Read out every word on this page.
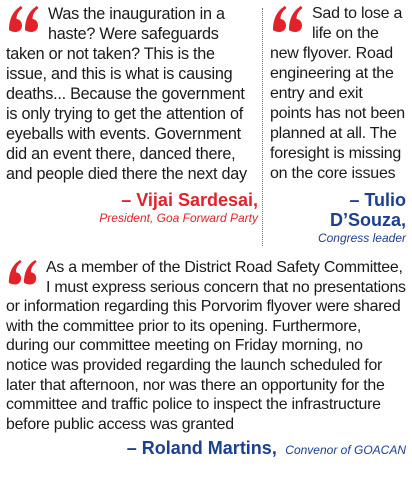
Was the inauguration in a haste? Were safeguards taken or not taken? This is the issue, and this is what is causing deaths... Because the government is only trying to get the attention of eyeballs with events. Government did an event there, danced there, and people died there the next day

– Vijai Sardesai,
President, Goa Forward Party

Sad to lose a life on the new flyover. Road engineering at the entry and exit points has not been planned at all. The foresight is missing on the core issues

– Tulio D’Souza,
Congress leader

As a member of the District Road Safety Committee, I must express serious concern that no presentations or information regarding this Porvorim flyover were shared with the committee prior to its opening. Furthermore, during our committee meeting on Friday morning, no notice was provided regarding the launch scheduled for later that afternoon, nor was there an opportunity for the committee and traffic police to inspect the infrastructure before public access was granted

– Roland Martins, Convenor of GOACAN
